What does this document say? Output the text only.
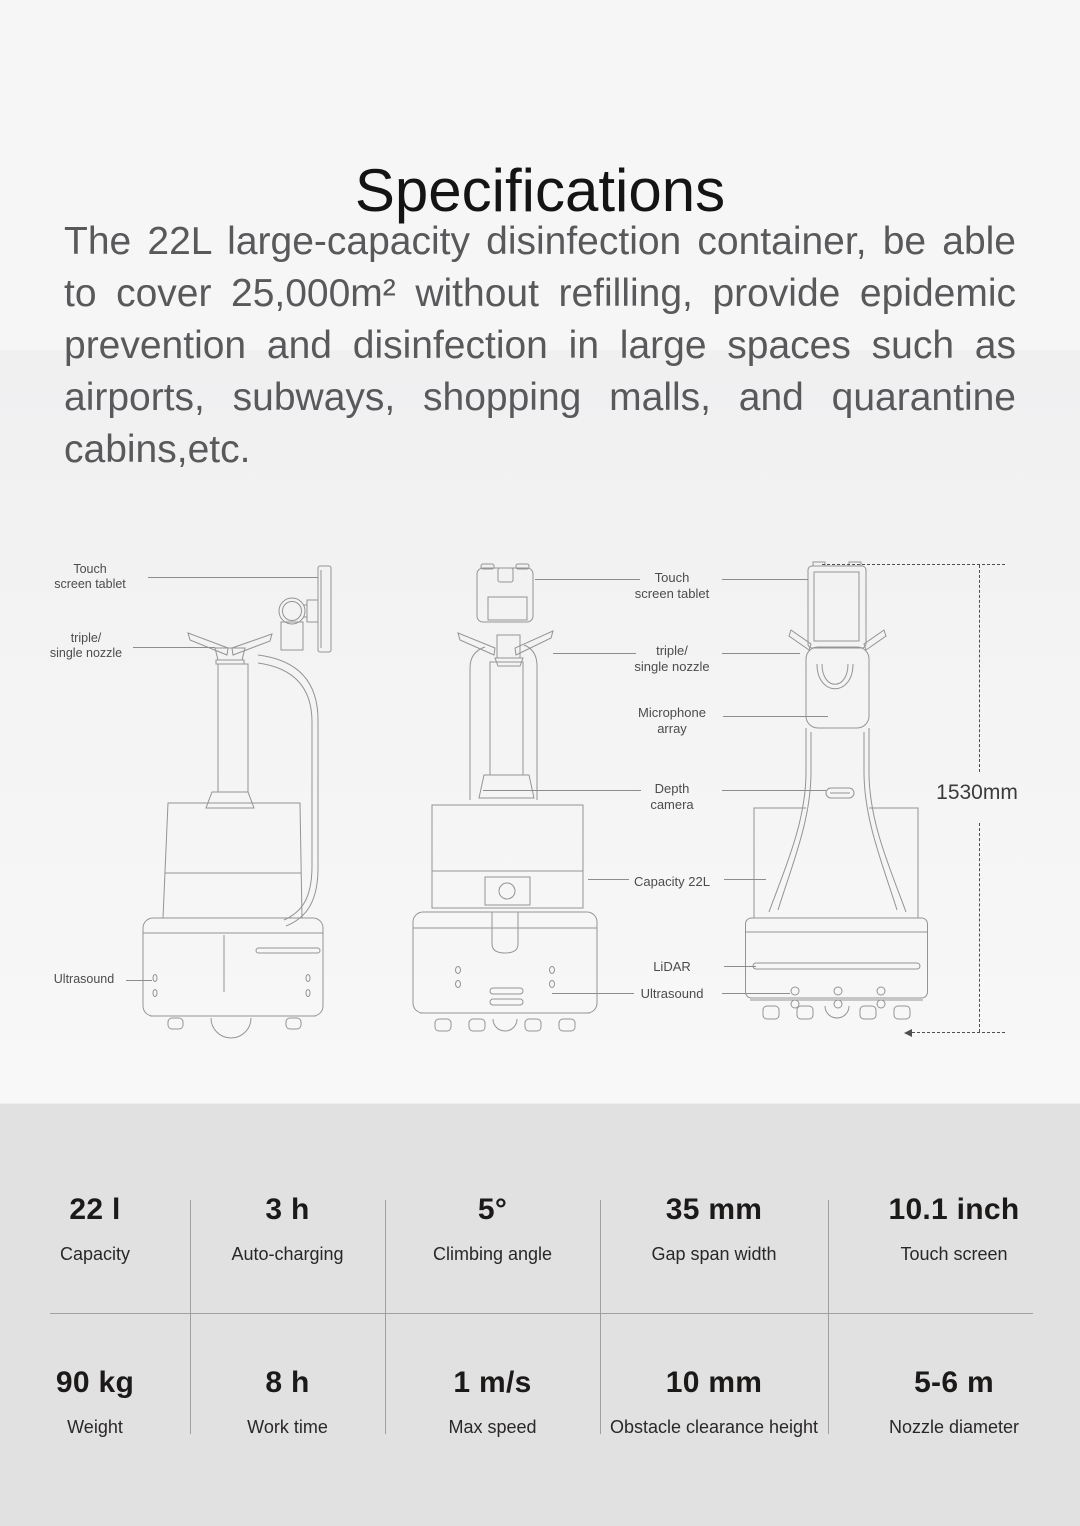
Specifications
The 22L large-capacity disinfection container, be able
to cover 25,000m² without refilling, provide epidemic
prevention and disinfection in large spaces such as
airports, subways, shopping malls, and quarantine
cabins,etc.
Touch
screen tablet
triple/
single nozzle
Ultrasound
Touch
screen tablet
triple/
single nozzle
Microphone
array
Depth
camera
Capacity 22L
LiDAR
Ultrasound
1530mm
22 l
Capacity
3 h
Auto-charging
5°
Climbing angle
35 mm
Gap span width
10.1 inch
Touch screen
90 kg
Weight
8 h
Work time
1 m/s
Max speed
10 mm
Obstacle clearance height
5-6 m
Nozzle diameter
